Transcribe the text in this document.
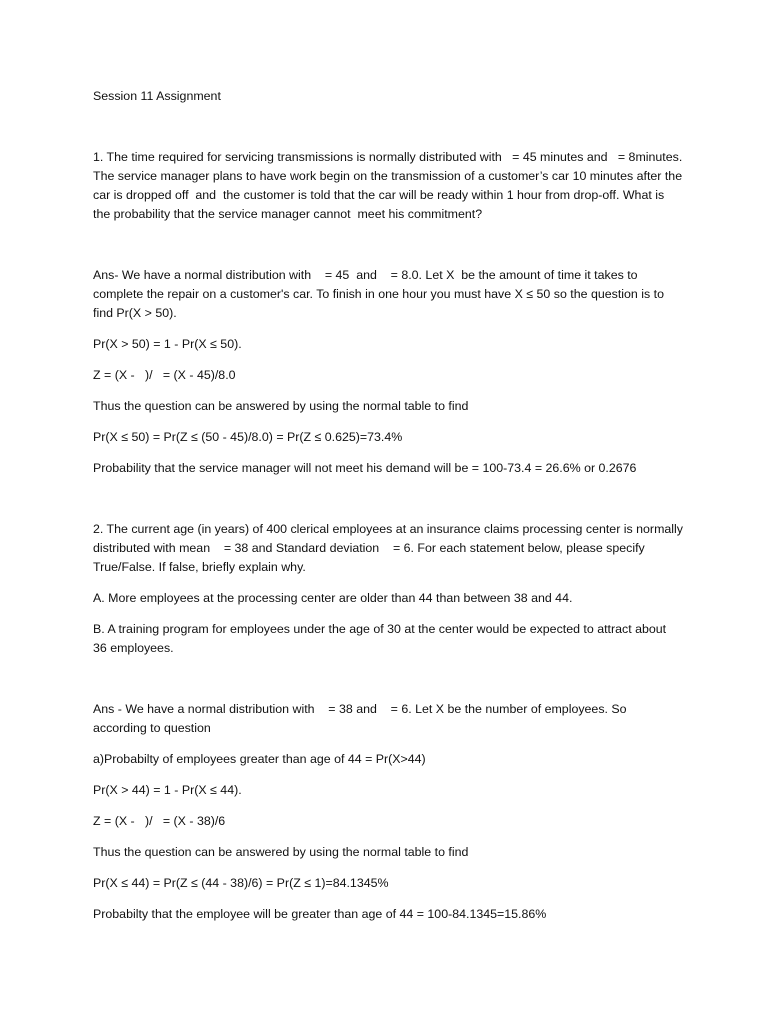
Session 11 Assignment

1. The time required for servicing transmissions is normally distributed with   = 45 minutes and   = 8minutes. The service manager plans to have work begin on the transmission of a customer’s car 10 minutes after the car is dropped off  and  the customer is told that the car will be ready within 1 hour from drop-off. What is the probability that the service manager cannot  meet his commitment?

Ans- We have a normal distribution with    = 45  and    = 8.0. Let X  be the amount of time it takes to complete the repair on a customer's car. To finish in one hour you must have X ≤ 50 so the question is to find Pr(X > 50).

Pr(X > 50) = 1 - Pr(X ≤ 50).

Z = (X -   )/   = (X - 45)/8.0

Thus the question can be answered by using the normal table to find

Pr(X ≤ 50) = Pr(Z ≤ (50 - 45)/8.0) = Pr(Z ≤ 0.625)=73.4%

Probability that the service manager will not meet his demand will be = 100-73.4 = 26.6% or 0.2676

2. The current age (in years) of 400 clerical employees at an insurance claims processing center is normally distributed with mean    = 38 and Standard deviation    = 6. For each statement below, please specify True/False. If false, briefly explain why.

A. More employees at the processing center are older than 44 than between 38 and 44.

B. A training program for employees under the age of 30 at the center would be expected to attract about 36 employees.

Ans - We have a normal distribution with    = 38 and    = 6. Let X be the number of employees. So according to question

a)Probabilty of employees greater than age of 44 = Pr(X>44)

Pr(X > 44) = 1 - Pr(X ≤ 44).

Z = (X -   )/   = (X - 38)/6

Thus the question can be answered by using the normal table to find

Pr(X ≤ 44) = Pr(Z ≤ (44 - 38)/6) = Pr(Z ≤ 1)=84.1345%

Probabilty that the employee will be greater than age of 44 = 100-84.1345=15.86%
